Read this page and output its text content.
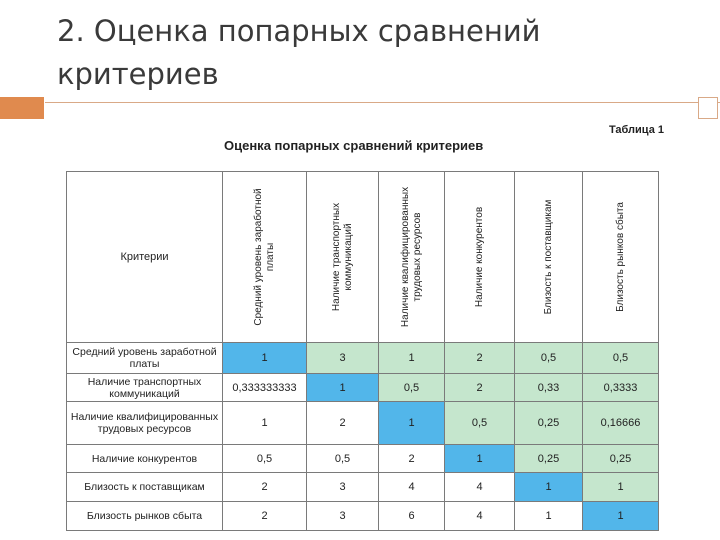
2. Оценка попарных сравнений
критериев
Таблица 1
Оценка попарных сравнений критериев
Критерии	Средний уровень заработной платы	Наличие транспортных коммуникаций	Наличие квалифицированных трудовых ресурсов	Наличие конкурентов	Близость к поставщикам	Близость рынков сбыта

Средний уровень заработной платы	1	3	1	2	0,5	0,5
Наличие транспортных коммуникаций	0,333333333	1	0,5	2	0,33	0,3333
Наличие квалифицированных трудовых ресурсов	1	2	1	0,5	0,25	0,16666
Наличие конкурентов	0,5	0,5	2	1	0,25	0,25
Близость к поставщикам	2	3	4	4	1	1
Близость рынков сбыта	2	3	6	4	1	1
